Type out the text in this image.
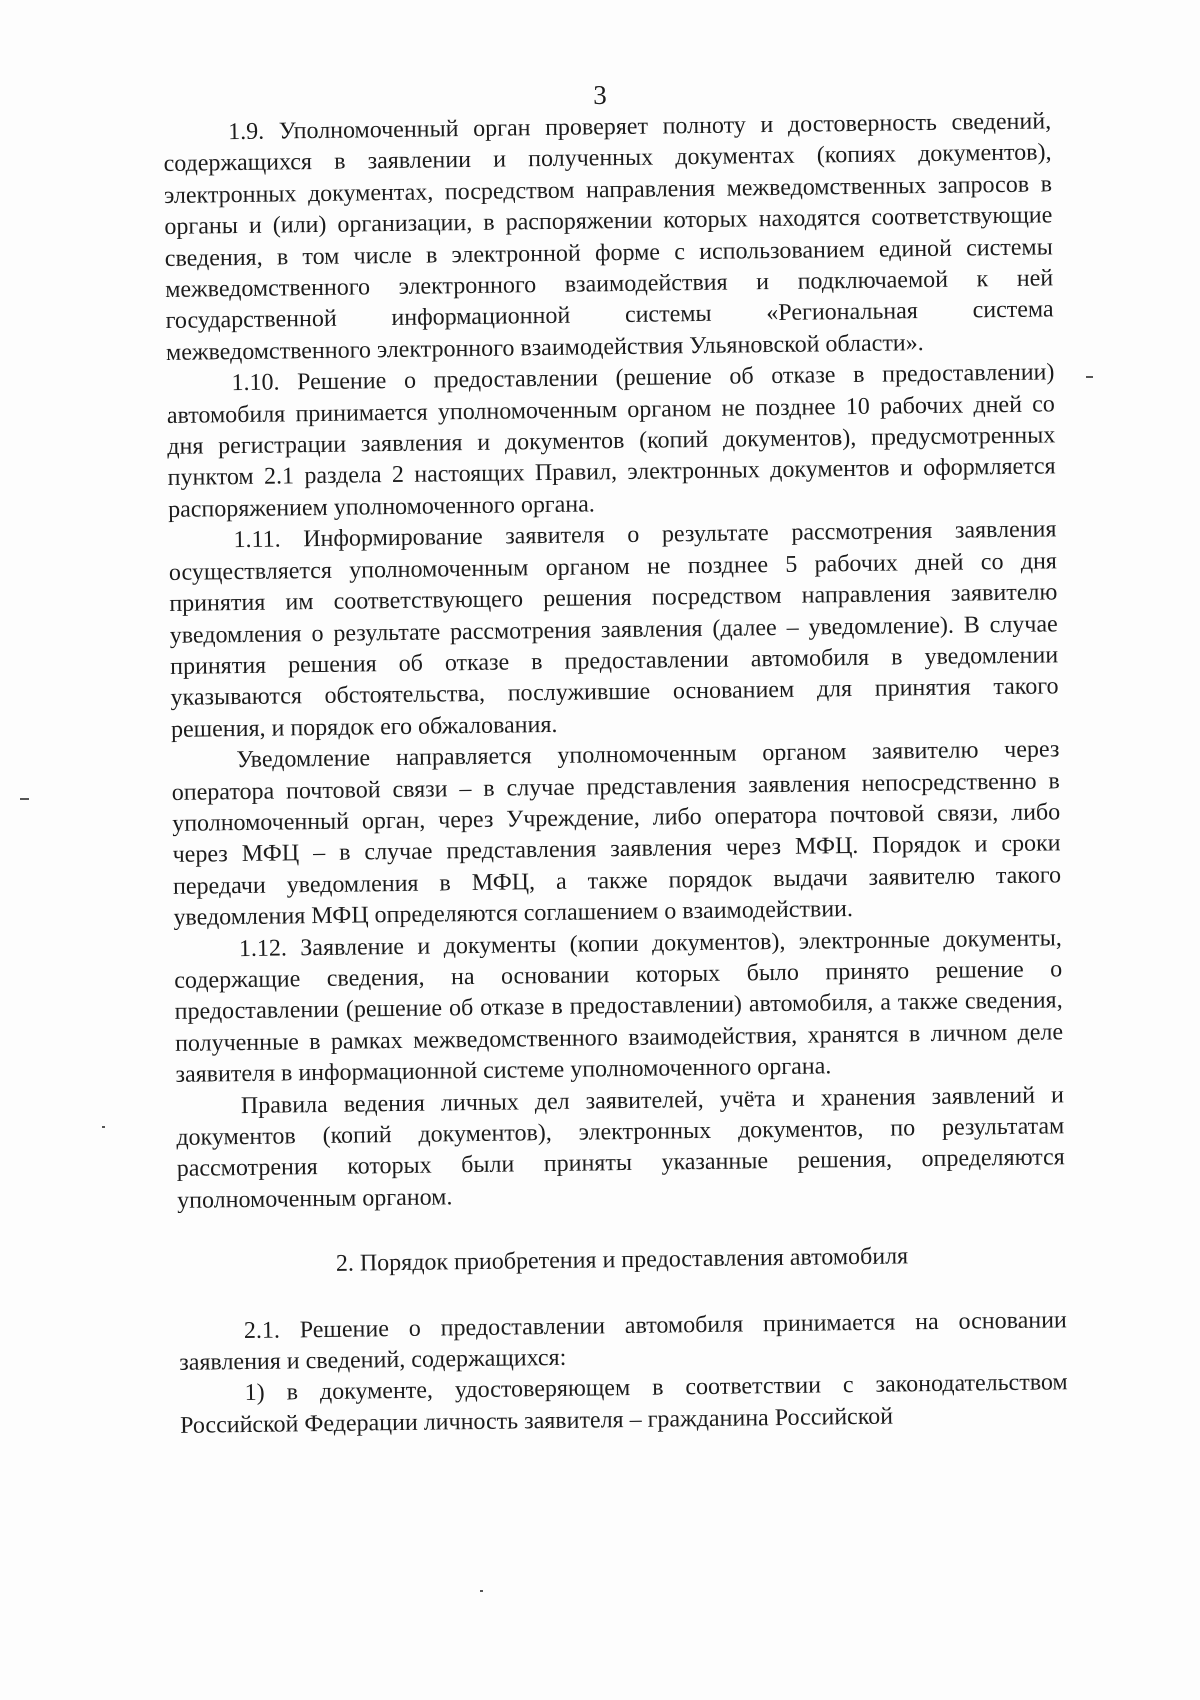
3

1.9. Уполномоченный орган проверяет полноту и достоверность сведений, содержащихся в заявлении и полученных документах (копиях документов), электронных документах, посредством направления межведомственных запросов в органы и (или) организации, в распоряжении которых находятся соответствующие сведения, в том числе в электронной форме с использованием единой системы межведомственного электронного взаимодействия и подключаемой к ней государственной информационной системы «Региональная система межведомственного электронного взаимодействия Ульяновской области».

1.10. Решение о предоставлении (решение об отказе в предоставлении) автомобиля принимается уполномоченным органом не позднее 10 рабочих дней со дня регистрации заявления и документов (копий документов), предусмотренных пунктом 2.1 раздела 2 настоящих Правил, электронных документов и оформляется распоряжением уполномоченного органа.

1.11. Информирование заявителя о результате рассмотрения заявления осуществляется уполномоченным органом не позднее 5 рабочих дней со дня принятия им соответствующего решения посредством направления заявителю уведомления о результате рассмотрения заявления (далее – уведомление). В случае принятия решения об отказе в предоставлении автомобиля в уведомлении указываются обстоятельства, послужившие основанием для принятия такого решения, и порядок его обжалования.

Уведомление направляется уполномоченным органом заявителю через оператора почтовой связи – в случае представления заявления непосредственно в уполномоченный орган, через Учреждение, либо оператора почтовой связи, либо через МФЦ – в случае представления заявления через МФЦ. Порядок и сроки передачи уведомления в МФЦ, а также порядок выдачи заявителю такого уведомления МФЦ определяются соглашением о взаимодействии.

1.12. Заявление и документы (копии документов), электронные документы, содержащие сведения, на основании которых было принято решение о предоставлении (решение об отказе в предоставлении) автомобиля, а также сведения, полученные в рамках межведомственного взаимодействия, хранятся в личном деле заявителя в информационной системе уполномоченного органа.

Правила ведения личных дел заявителей, учёта и хранения заявлений и документов (копий документов), электронных документов, по результатам рассмотрения которых были приняты указанные решения, определяются уполномоченным органом.

2. Порядок приобретения и предоставления автомобиля

2.1. Решение о предоставлении автомобиля принимается на основании заявления и сведений, содержащихся:

1) в документе, удостоверяющем в соответствии с законодательством Российской Федерации личность заявителя – гражданина Российской
